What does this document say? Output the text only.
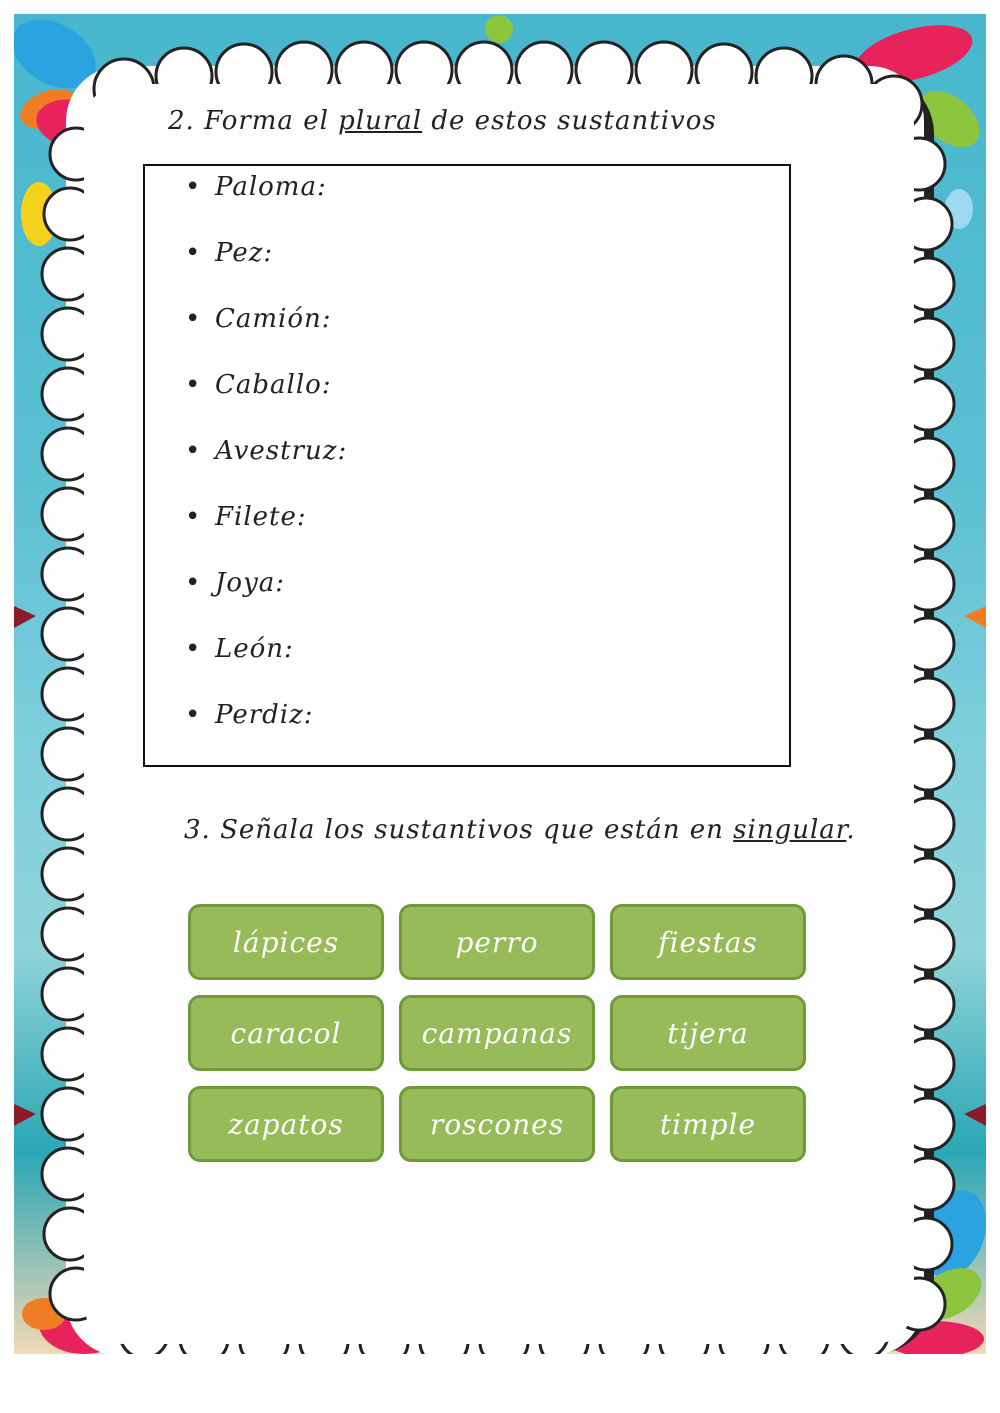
2. Forma el plural de estos sustantivos
• Paloma:
• Pez:
• Camión:
• Caballo:
• Avestruz:
• Filete:
• Joya:
• León:
• Perdiz:
3. Señala los sustantivos que están en singular.
lápices	perro	fiestas
caracol	campanas	tijera
zapatos	roscones	timple
